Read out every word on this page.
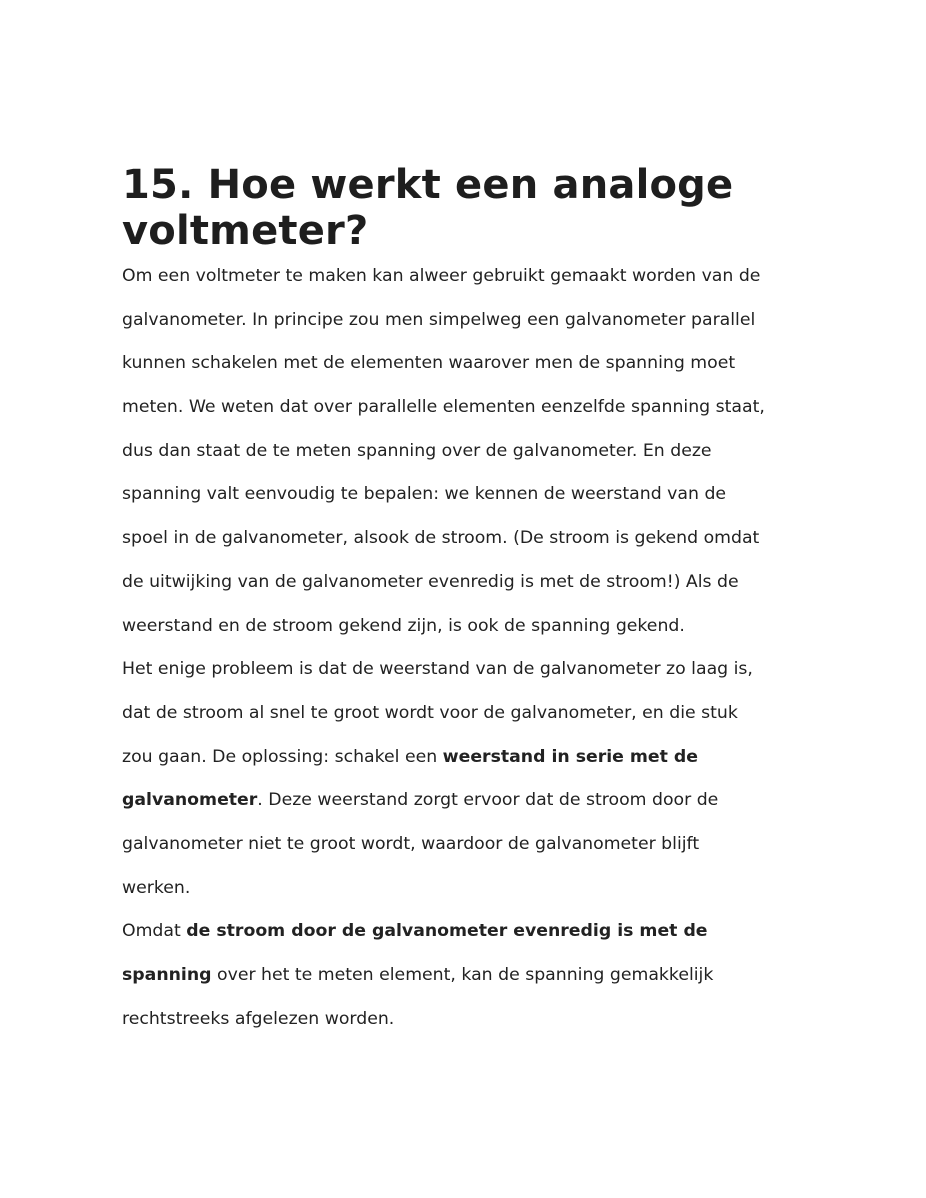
15. Hoe werkt een analoge
voltmeter?
Om een voltmeter te maken kan alweer gebruikt gemaakt worden van de
galvanometer. In principe zou men simpelweg een galvanometer parallel
kunnen schakelen met de elementen waarover men de spanning moet
meten. We weten dat over parallelle elementen eenzelfde spanning staat,
dus dan staat de te meten spanning over de galvanometer. En deze
spanning valt eenvoudig te bepalen: we kennen de weerstand van de
spoel in de galvanometer, alsook de stroom. (De stroom is gekend omdat
de uitwijking van de galvanometer evenredig is met de stroom!) Als de
weerstand en de stroom gekend zijn, is ook de spanning gekend.
Het enige probleem is dat de weerstand van de galvanometer zo laag is,
dat de stroom al snel te groot wordt voor de galvanometer, en die stuk
zou gaan. De oplossing: schakel een weerstand in serie met de
galvanometer. Deze weerstand zorgt ervoor dat de stroom door de
galvanometer niet te groot wordt, waardoor de galvanometer blijft
werken.
Omdat de stroom door de galvanometer evenredig is met de
spanning over het te meten element, kan de spanning gemakkelijk
rechtstreeks afgelezen worden.
